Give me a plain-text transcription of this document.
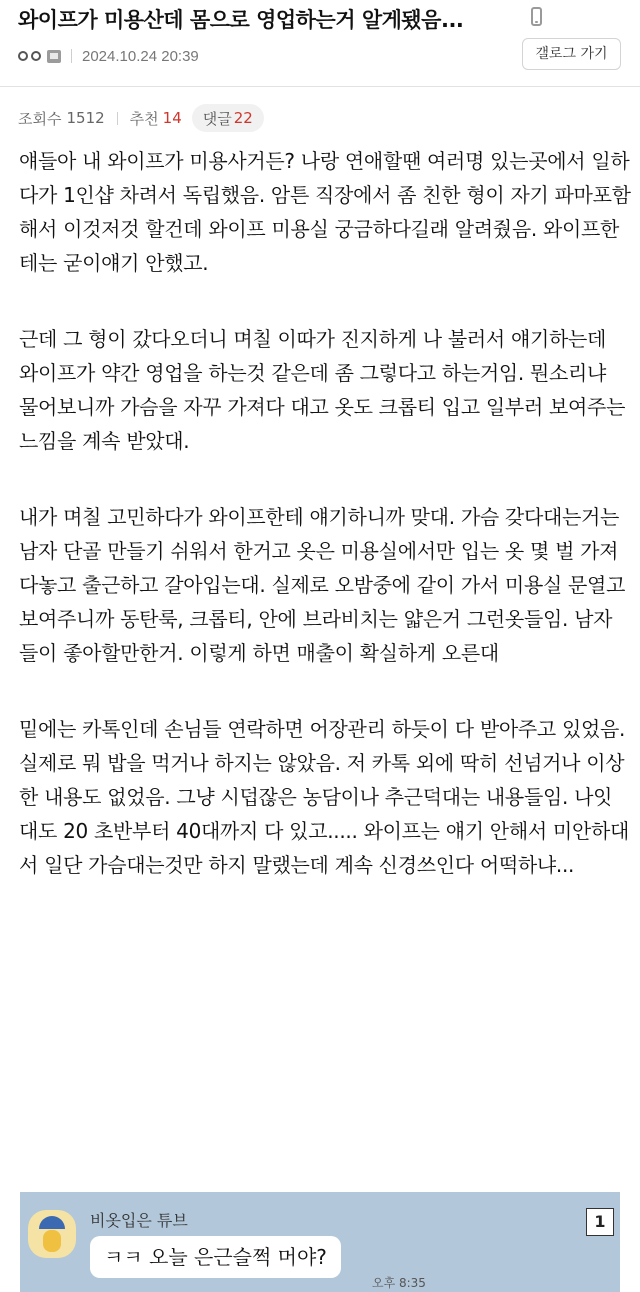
와이프가 미용산데 몸으로 영업하는거 알게됐음...
2024.10.24 20:39	갤로그 가기
조회수 1512 추천 14 댓글 22

얘들아 내 와이프가 미용사거든? 나랑 연애할땐 여러명 있는곳에서 일하다가 1인샵 차려서 독립했음. 암튼 직장에서 좀 친한 형이 자기 파마포함해서 이것저것 할건데 와이프 미용실 궁금하다길래 알려줬음. 와이프한테는 굳이얘기 안했고.

근데 그 형이 갔다오더니 며칠 이따가 진지하게 나 불러서 얘기하는데 와이프가 약간 영업을 하는것 같은데 좀 그렇다고 하는거임. 뭔소리냐 물어보니까 가슴을 자꾸 가져다 대고 옷도 크롭티 입고 일부러 보여주는 느낌을 계속 받았대.

내가 며칠 고민하다가 와이프한테 얘기하니까 맞대. 가슴 갖다대는거는 남자 단골 만들기 쉬워서 한거고 옷은 미용실에서만 입는 옷 몇 벌 가져다놓고 출근하고 갈아입는대. 실제로 오밤중에 같이 가서 미용실 문열고 보여주니까 동탄룩, 크롭티, 안에 브라비치는 얇은거 그런옷들임. 남자들이 좋아할만한거. 이렇게 하면 매출이 확실하게 오른대

밑에는 카톡인데 손님들 연락하면 어장관리 하듯이 다 받아주고 있었음. 실제로 뭐 밥을 먹거나 하지는 않았음. 저 카톡 외에 딱히 선넘거나 이상한 내용도 없었음. 그냥 시덥잖은 농담이나 추근덕대는 내용들임. 나잇대도 20 초반부터 40대까지 다 있고..... 와이프는 얘기 안해서 미안하대서 일단 가슴대는것만 하지 말랬는데 계속 신경쓰인다 어떡하냐...

비옷입은 튜브
ㅋㅋ 오늘 은근슬쩍 머야?
오후 8:35
1
